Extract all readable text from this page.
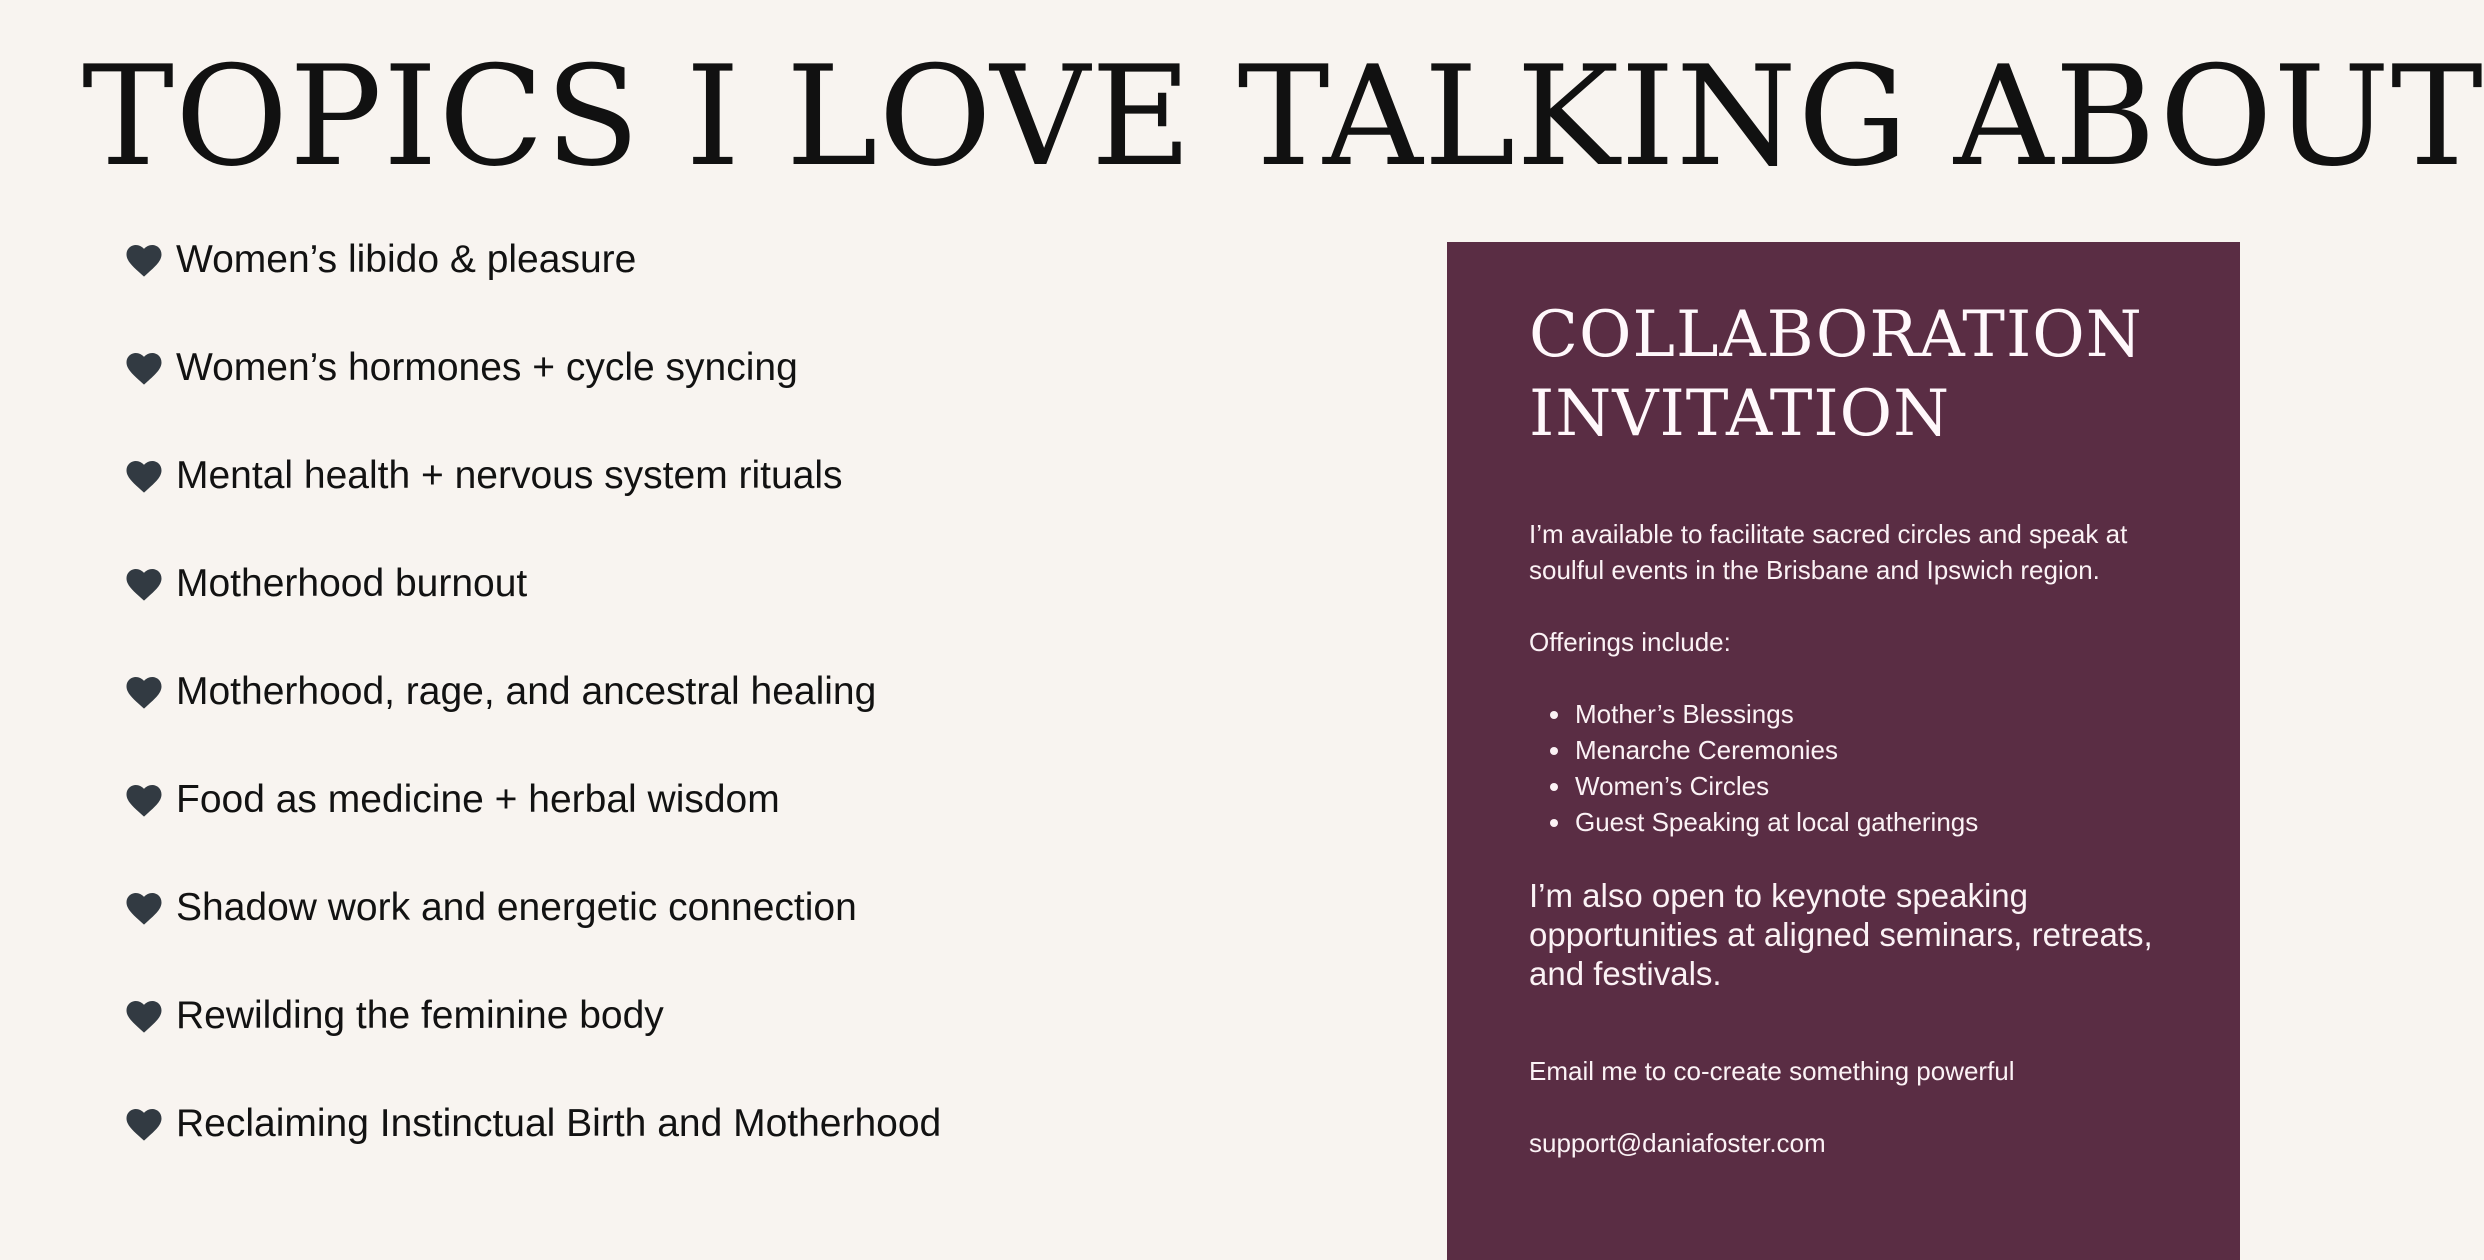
TOPICS I LOVE TALKING ABOUT
Women’s libido & pleasure
Women’s hormones + cycle syncing
Mental health + nervous system rituals
Motherhood burnout
Motherhood, rage, and ancestral healing
Food as medicine + herbal wisdom
Shadow work and energetic connection
Rewilding the feminine body
Reclaiming Instinctual Birth and Motherhood
COLLABORATION INVITATION

I’m available to facilitate sacred circles and speak at soulful events in the Brisbane and Ipswich region.

Offerings include:

• Mother’s Blessings
• Menarche Ceremonies
• Women’s Circles
• Guest Speaking at local gatherings

I’m also open to keynote speaking opportunities at aligned seminars, retreats, and festivals.

Email me to co-create something powerful

support@daniafoster.com
